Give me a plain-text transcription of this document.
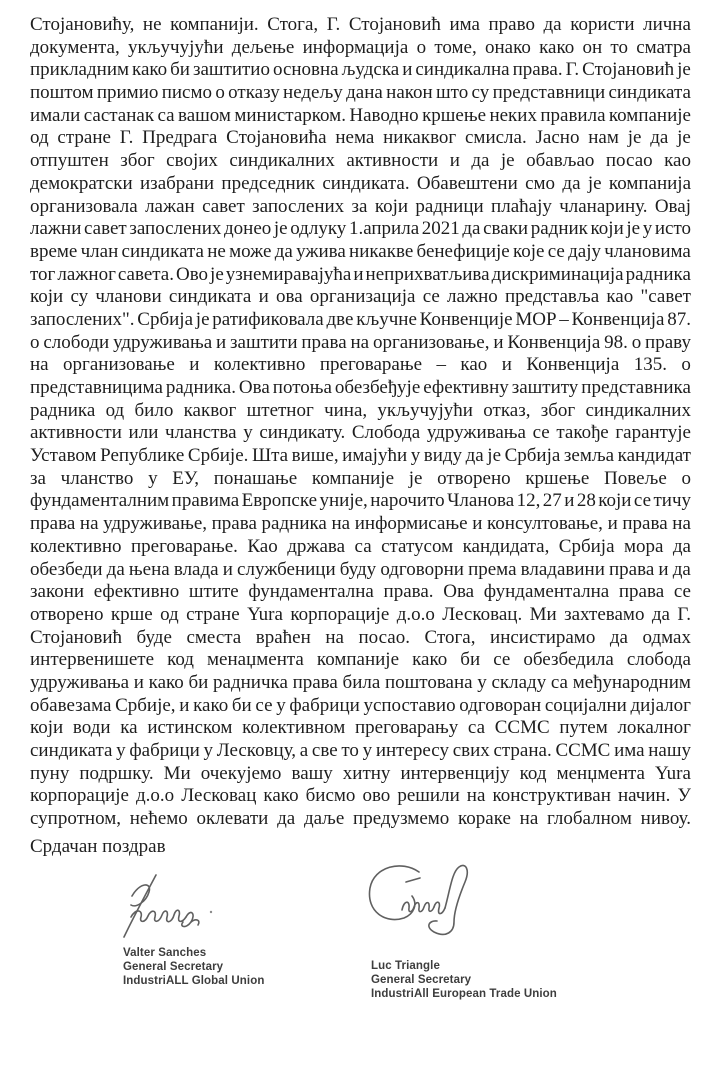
Стојановићу, не компанији. Стога, Г. Стојановић има право да користи лична
документа, укључујући дељење информација о томе, онако како он то сматра
прикладним како би заштитио основна људска и синдикална права. Г. Стојановић је
поштом примио писмо о отказу недељу дана након што су представници синдиката
имали састанак са вашом министарком. Наводно кршење неких правила компаније
од стране Г. Предрага Стојановића нема никаквог смисла. Јасно нам је да је
отпуштен због својих синдикалних активности и да је обављао посао као
демократски изабрани председник синдиката. Обавештени смо да је компанија
организовала лажан савет запослених за који радници плаћају чланарину. Овај
лажни савет запослених донео је одлуку 1.априла 2021 да сваки радник који је у исто
време члан синдиката не може да ужива никакве бенефиције које се дају члановима
тог лажног савета. Ово је узнемиравајућа и неприхватљива дискриминација радника
који су чланови синдиката и ова организација се лажно представља као "савет
запослених". Србија је ратификовала две кључне Конвенције МОР – Конвенција 87.
о слободи удруживања и заштити права на организовање, и Конвенција 98. о праву
на организовање и колективно преговарање – као и Конвенција 135. о
представницима радника. Ова потоња обезбеђује ефективну заштиту представника
радника од било каквог штетног чина, укључујући отказ, због синдикалних
активности или чланства у синдикату. Слобода удруживања се такође гарантује
Уставом Републике Србије. Шта више, имајући у виду да је Србија земља кандидат
за чланство у ЕУ, понашање компаније је отворено кршење Повеље о
фундаменталним правима Европске уније, нарочито Чланова 12, 27 и 28 који се тичу
права на удруживање, права радника на информисање и консултовање, и права на
колективно преговарање. Као држава са статусом кандидата, Србија мора да
обезбеди да њена влада и службеници буду одговорни према владавини права и да
закони ефективно штите фундаментална права. Ова фундаментална права се
отворено крше од стране Yura корпорације д.о.о Лесковац. Ми захтевамо да Г.
Стојановић буде сместа враћен на посао. Стога, инсистирамо да одмах
интервенишете код менаџмента компаније како би се обезбедила слобода
удруживања и како би радничка права била поштована у складу са међународним
обавезама Србије, и како би се у фабрици успоставио одговоран социјални дијалог
који води ка истинском колективном преговарању са ССМС путем локалног
синдиката у фабрици у Лесковцу, а све то у интересу свих страна. ССМС има нашу
пуну подршку. Ми очекујемо вашу хитну интервенцију код менџмента Yura
корпорације д.о.о Лесковац како бисмо ово решили на конструктиван начин. У
супротном, нећемо оклевати да даље предузмемо кораке на глобалном нивоу.
Срдачан поздрав
Valter Sanches
General Secretary
IndustriALL Global Union
Luc Triangle
General Secretary
IndustriAll European Trade Union
